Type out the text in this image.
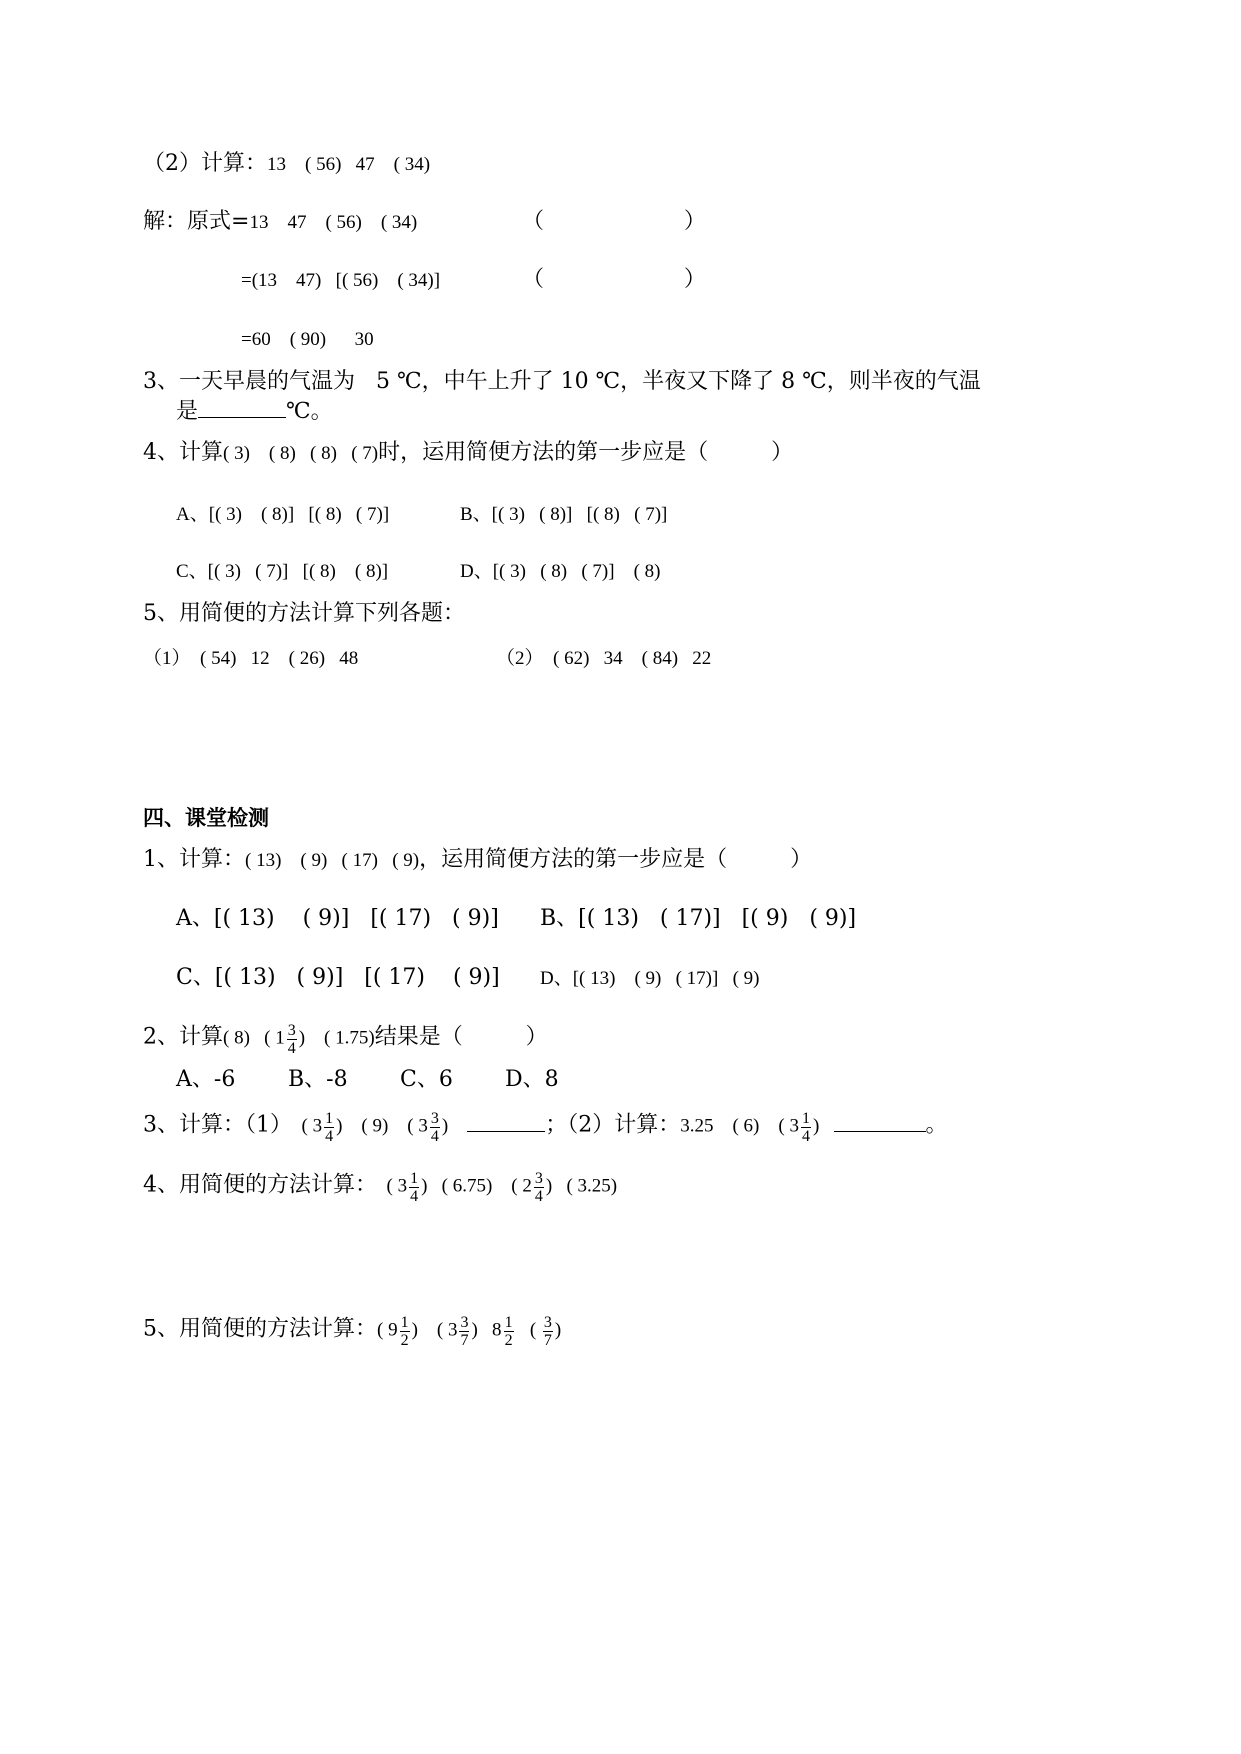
（2）计算：13    ( 56)   47    ( 34)
解：原式=13    47    ( 56)    ( 34)	（                    ）
=(13    47)   [( 56)    ( 34)]	（                    ）
=60    ( 90)      30
3、一天早晨的气温为   5 ℃，中午上升了 10 ℃，半夜又下降了 8 ℃，则半夜的气温
是	℃。
4、计算( 3)    ( 8)   ( 8)   ( 7)时，运用简便方法的第一步应是（         ）
A、[( 3)    ( 8)]   [( 8)   ( 7)]	B、[( 3)   ( 8)]   [( 8)   ( 7)]
C、[( 3)   ( 7)]   [( 8)    ( 8)]	D、[( 3)   ( 8)   ( 7)]    ( 8)
5、用简便的方法计算下列各题：
（1）  ( 54)   12    ( 26)   48	（2）  ( 62)   34    ( 84)   22
四、课堂检测
1、计算：( 13)    ( 9)   ( 17)   ( 9)，运用简便方法的第一步应是（         ）
A、[( 13)    ( 9)]   [( 17)   ( 9)] B、[( 13)   ( 17)]   [( 9)   ( 9)]
C、[( 13)   ( 9)]   [( 17)    ( 9)] D、[( 13)    ( 9)   ( 17)]   ( 9)
2、计算( 8)   ( $1 \frac{3}{4}$ )    ( 1.75)结果是（         ）
A、-6 B、-8 C、6 D、8
3、计算：（1）  ( $3 \frac{1}{4}$ )    ( 9)    ( $3 \frac{3}{4}$ )	；（2）计算：3.25    ( 6)    ( $3 \frac{1}{4}$ )	。
4、用简便的方法计算：  ( $3 \frac{1}{4}$ )   ( 6.75)    ( $2 \frac{3}{4}$ )   ( 3.25)
5、用简便的方法计算：( $9 \frac{1}{2}$ )    ( $3 \frac{3}{7}$ )   $8 \frac{1}{2}$ ( $\frac{3}{7}$ )
